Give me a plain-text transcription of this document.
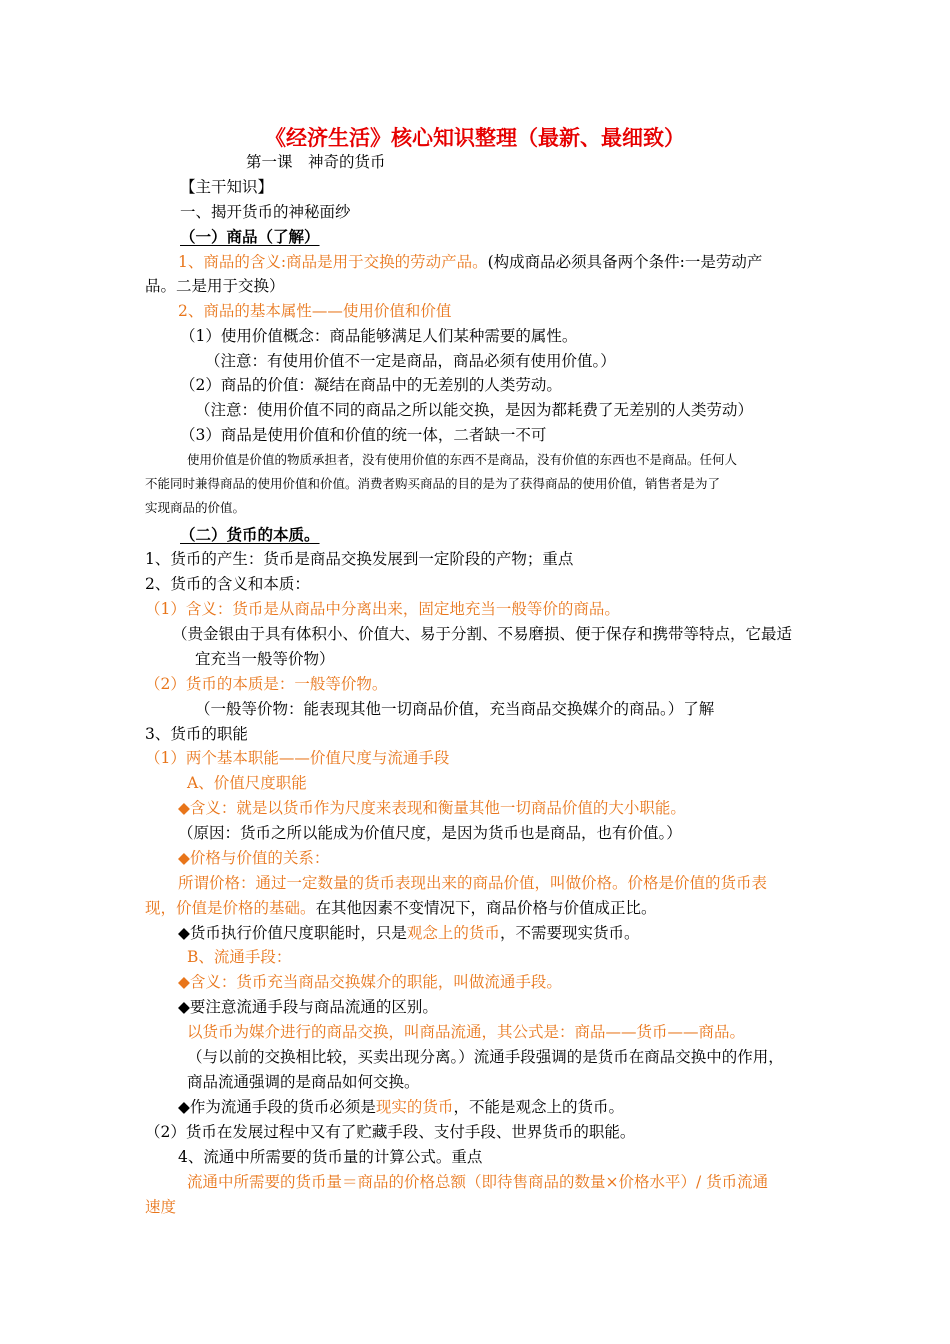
《经济生活》核心知识整理（最新、最细致）
第一课　神奇的货币
【主干知识】
一、揭开货币的神秘面纱
（一）商品（了解）
1、商品的含义:商品是用于交换的劳动产品。(构成商品必须具备两个条件:一是劳动产
品。二是用于交换）
2、商品的基本属性——使用价值和价值
（1）使用价值概念：商品能够满足人们某种需要的属性。
（注意：有使用价值不一定是商品，商品必须有使用价值。）
（2）商品的价值：凝结在商品中的无差别的人类劳动。
（注意：使用价值不同的商品之所以能交换，是因为都耗费了无差别的人类劳动）
（3）商品是使用价值和价值的统一体，二者缺一不可
使用价值是价值的物质承担者，没有使用价值的东西不是商品，没有价值的东西也不是商品。任何人
不能同时兼得商品的使用价值和价值。消费者购买商品的目的是为了获得商品的使用价值，销售者是为了
实现商品的价值。
（二）货币的本质。
1、货币的产生：货币是商品交换发展到一定阶段的产物；重点
2、货币的含义和本质：
（1）含义：货币是从商品中分离出来，固定地充当一般等价的商品。
（贵金银由于具有体积小、价值大、易于分割、不易磨损、便于保存和携带等特点，它最适
宜充当一般等价物）
（2）货币的本质是：一般等价物。
（一般等价物：能表现其他一切商品价值，充当商品交换媒介的商品。）了解
3、货币的职能
（1）两个基本职能——价值尺度与流通手段
A、价值尺度职能
◆含义：就是以货币作为尺度来表现和衡量其他一切商品价值的大小职能。
（原因：货币之所以能成为价值尺度，是因为货币也是商品，也有价值。）
◆价格与价值的关系：
所谓价格：通过一定数量的货币表现出来的商品价值，叫做价格。价格是价值的货币表
现，价值是价格的基础。在其他因素不变情况下，商品价格与价值成正比。
◆货币执行价值尺度职能时，只是观念上的货币，不需要现实货币。
B、流通手段：
◆含义：货币充当商品交换媒介的职能，叫做流通手段。
◆要注意流通手段与商品流通的区别。
以货币为媒介进行的商品交换，叫商品流通，其公式是：商品——货币——商品。
（与以前的交换相比较，买卖出现分离。）流通手段强调的是货币在商品交换中的作用，
商品流通强调的是商品如何交换。
◆作为流通手段的货币必须是现实的货币，不能是观念上的货币。
（2）货币在发展过程中又有了贮藏手段、支付手段、世界货币的职能。
4、流通中所需要的货币量的计算公式。重点
流通中所需要的货币量＝商品的价格总额（即待售商品的数量×价格水平）/ 货币流通
速度
